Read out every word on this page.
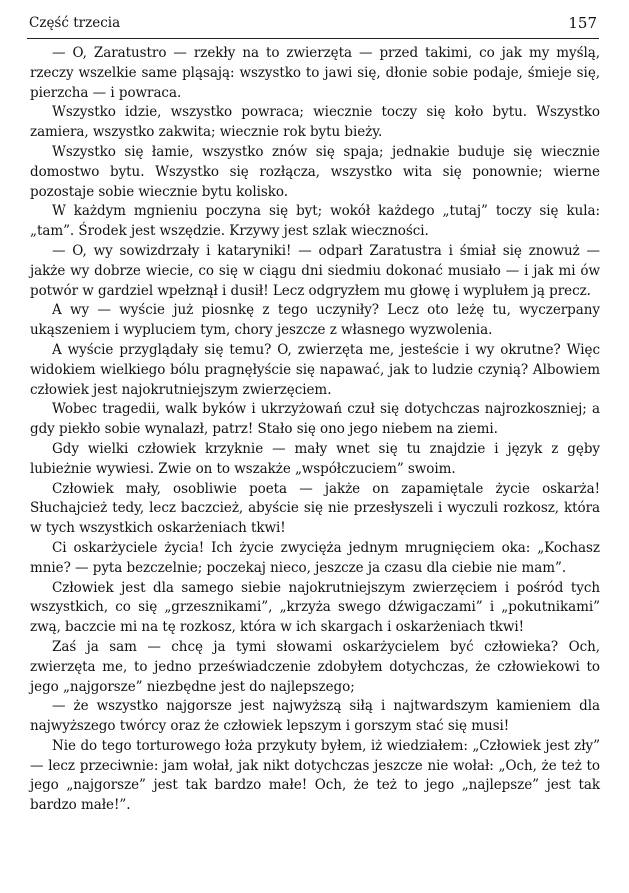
Część trzecia	157

— O, Zaratustro — rzekły na to zwierzęta — przed takimi, co jak my myślą, rzeczy wszelkie same pląsają: wszystko to jawi się, dłonie sobie podaje, śmieje się, pierzcha — i powraca.

Wszystko idzie, wszystko powraca; wiecznie toczy się koło bytu. Wszystko zamiera, wszystko zakwita; wiecznie rok bytu bieży.

Wszystko się łamie, wszystko znów się spaja; jednakie buduje się wiecznie domostwo bytu. Wszystko się rozłącza, wszystko wita się ponownie; wierne pozostaje sobie wiecznie bytu kolisko.

W każdym mgnieniu poczyna się byt; wokół każdego „tutaj” toczy się kula: „tam”. Środek jest wszędzie. Krzywy jest szlak wieczności.

— O, wy sowizdrzały i kataryniki! — odparł Zaratustra i śmiał się znowuż — jakże wy dobrze wiecie, co się w ciągu dni siedmiu dokonać musiało — i jak mi ów potwór w gardziel wpełznął i dusił! Lecz odgryzłem mu głowę i wyplułem ją precz.

A wy — wyście już piosnkę z tego uczyniły? Lecz oto leżę tu, wyczerpany ukąszeniem i wypluciem tym, chory jeszcze z własnego wyzwolenia.

A wyście przyglądały się temu? O, zwierzęta me, jesteście i wy okrutne? Więc widokiem wielkiego bólu pragnęłyście się napawać, jak to ludzie czynią? Albowiem człowiek jest najokrutniejszym zwierzęciem.

Wobec tragedii, walk byków i ukrzyżowań czuł się dotychczas najrozkoszniej; a gdy piekło sobie wynalazł, patrz! Stało się ono jego niebem na ziemi.

Gdy wielki człowiek krzyknie — mały wnet się tu znajdzie i język z gęby lubieżnie wywiesi. Zwie on to wszakże „współczuciem” swoim.

Człowiek mały, osobliwie poeta — jakże on zapamiętale życie oskarża! Słuchajcież tedy, lecz baczcież, abyście się nie przesłyszeli i wyczuli rozkosz, która w tych wszystkich oskarżeniach tkwi!

Ci oskarżyciele życia! Ich życie zwycięża jednym mrugnięciem oka: „Kochasz mnie? — pyta bezczelnie; poczekaj nieco, jeszcze ja czasu dla ciebie nie mam”.

Człowiek jest dla samego siebie najokrutniejszym zwierzęciem i pośród tych wszystkich, co się „grzesznikami”, „krzyża swego dźwigaczami” i „pokutnikami” zwą, baczcie mi na tę rozkosz, która w ich skargach i oskarżeniach tkwi!

Zaś ja sam — chcę ja tymi słowami oskarżycielem być człowieka? Och, zwierzęta me, to jedno przeświadczenie zdobyłem dotychczas, że człowiekowi to jego „najgorsze” niezbędne jest do najlepszego;

— że wszystko najgorsze jest najwyższą siłą i najtwardszym kamieniem dla najwyższego twórcy oraz że człowiek lepszym i gorszym stać się musi!

Nie do tego torturowego łoża przykuty byłem, iż wiedziałem: „Człowiek jest zły” — lecz przeciwnie: jam wołał, jak nikt dotychczas jeszcze nie wołał: „Och, że też to jego „najgorsze” jest tak bardzo małe! Och, że też to jego „najlepsze” jest tak bardzo małe!”.
